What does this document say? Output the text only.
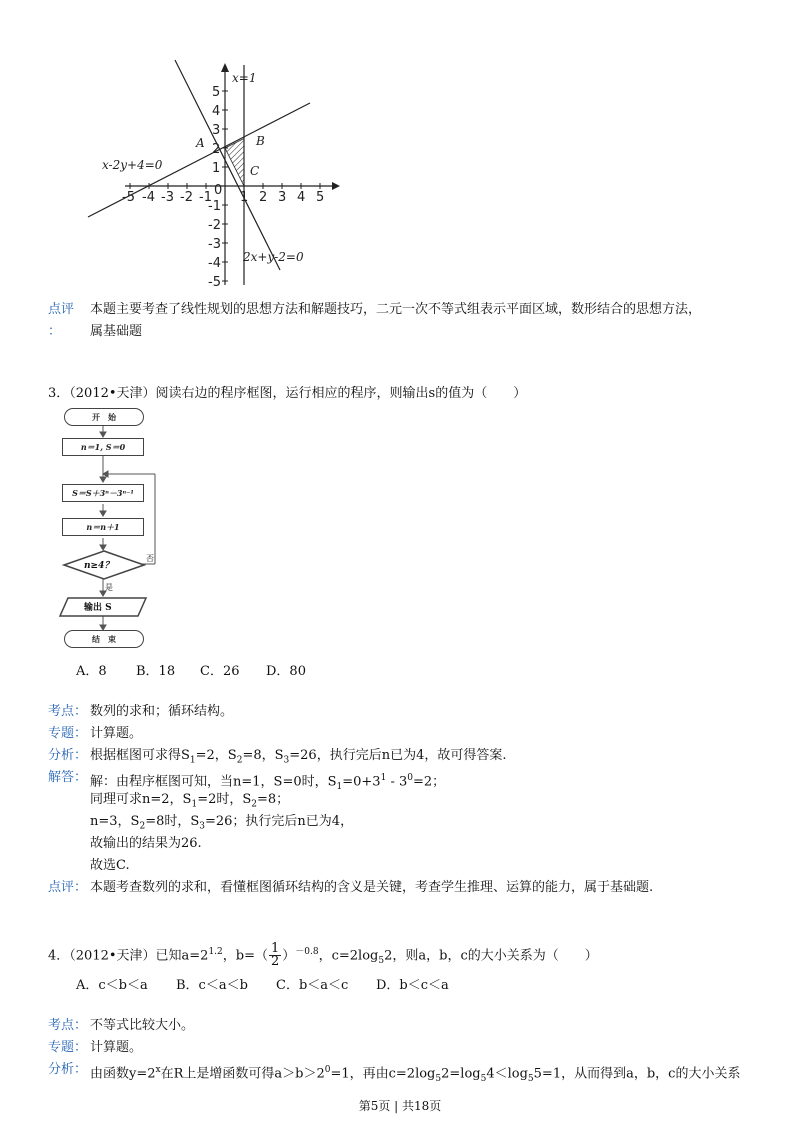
-5 -4 -3 -2 -1 0 1 2 3 4 5
5
4
3
2
1
-1
-2
-3
-4
-5
x=1
x-2y+4=0
2x+y-2=0
A	B
C
点评
：
本题主要考查了线性规划的思想方法和解题技巧，二元一次不等式组表示平面区域，数形结合的思想方法，
属基础题
3．（2012•天津）阅读右边的程序框图，运行相应的程序，则输出s的值为（　　）
开　始
n＝1, S＝0
S＝S＋3ⁿ－3ⁿ⁻¹
n＝n＋1
n≥4？
否
是
输出 S
结　束
A．8 B．18 C．26 D．80
考点： 数列的求和；循环结构。
专题： 计算题。
分析： 根据框图可求得$S_1=2$，$S_2=8$，$S_3=26$，执行完后n已为4，故可得答案.
解答： 解：由程序框图可知，当n=1，S=0时，$S_1=0+3^1 - 3^0=2$；
同理可求n=2，$S_1=2$时，$S_2=8$；
n=3，$S_2=8$时，$S_3=26$；执行完后n已为4，
故输出的结果为26.
故选C.
点评： 本题考查数列的求和，看懂框图循环结构的含义是关键，考查学生推理、运算的能力，属于基础题.
4．（2012•天津）已知$a=2^{1.2}$，$b=( \frac{1}{2} )^{-0.8}$，$c=2\log_52$，则a，b，c的大小关系为（　　）
A．c＜b＜a B．c＜a＜b C．b＜a＜c D．b＜c＜a
考点： 不等式比较大小。
专题： 计算题。
分析： 由函数$y=2^x$在R上是增函数可得$a>b>2^0=1$，再由$c=2\log_52=\log_54<\log_55=1$，从而得到a，b，c的大小关系
第5页 | 共18页
